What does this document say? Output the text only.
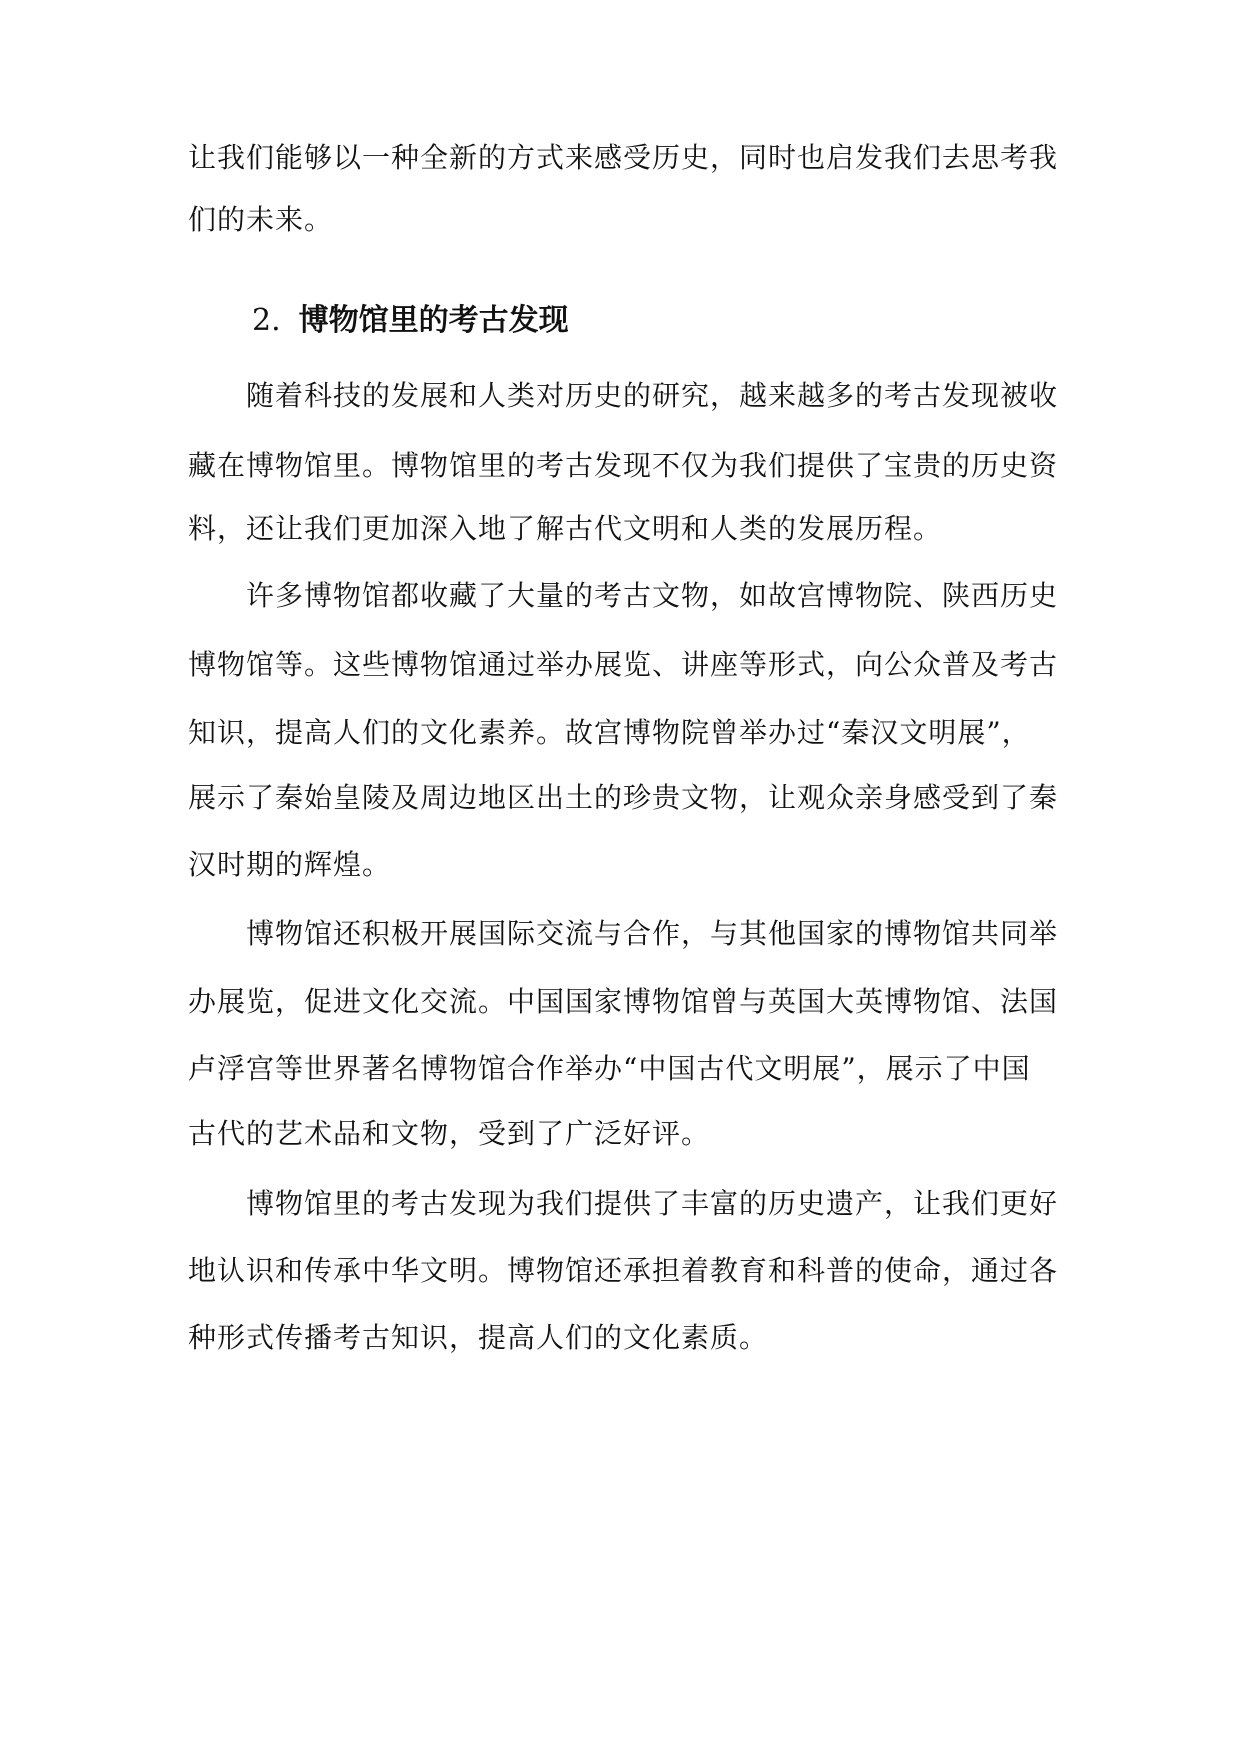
让我们能够以一种全新的方式来感受历史，同时也启发我们去思考我
们的未来。
2. 博物馆里的考古发现
随着科技的发展和人类对历史的研究，越来越多的考古发现被收
藏在博物馆里。博物馆里的考古发现不仅为我们提供了宝贵的历史资
料，还让我们更加深入地了解古代文明和人类的发展历程。
许多博物馆都收藏了大量的考古文物，如故宫博物院、陕西历史
博物馆等。这些博物馆通过举办展览、讲座等形式，向公众普及考古
知识，提高人们的文化素养。故宫博物院曾举办过“秦汉文明展”，
展示了秦始皇陵及周边地区出土的珍贵文物，让观众亲身感受到了秦
汉时期的辉煌。
博物馆还积极开展国际交流与合作，与其他国家的博物馆共同举
办展览，促进文化交流。中国国家博物馆曾与英国大英博物馆、法国
卢浮宫等世界著名博物馆合作举办“中国古代文明展”，展示了中国
古代的艺术品和文物，受到了广泛好评。
博物馆里的考古发现为我们提供了丰富的历史遗产，让我们更好
地认识和传承中华文明。博物馆还承担着教育和科普的使命，通过各
种形式传播考古知识，提高人们的文化素质。
